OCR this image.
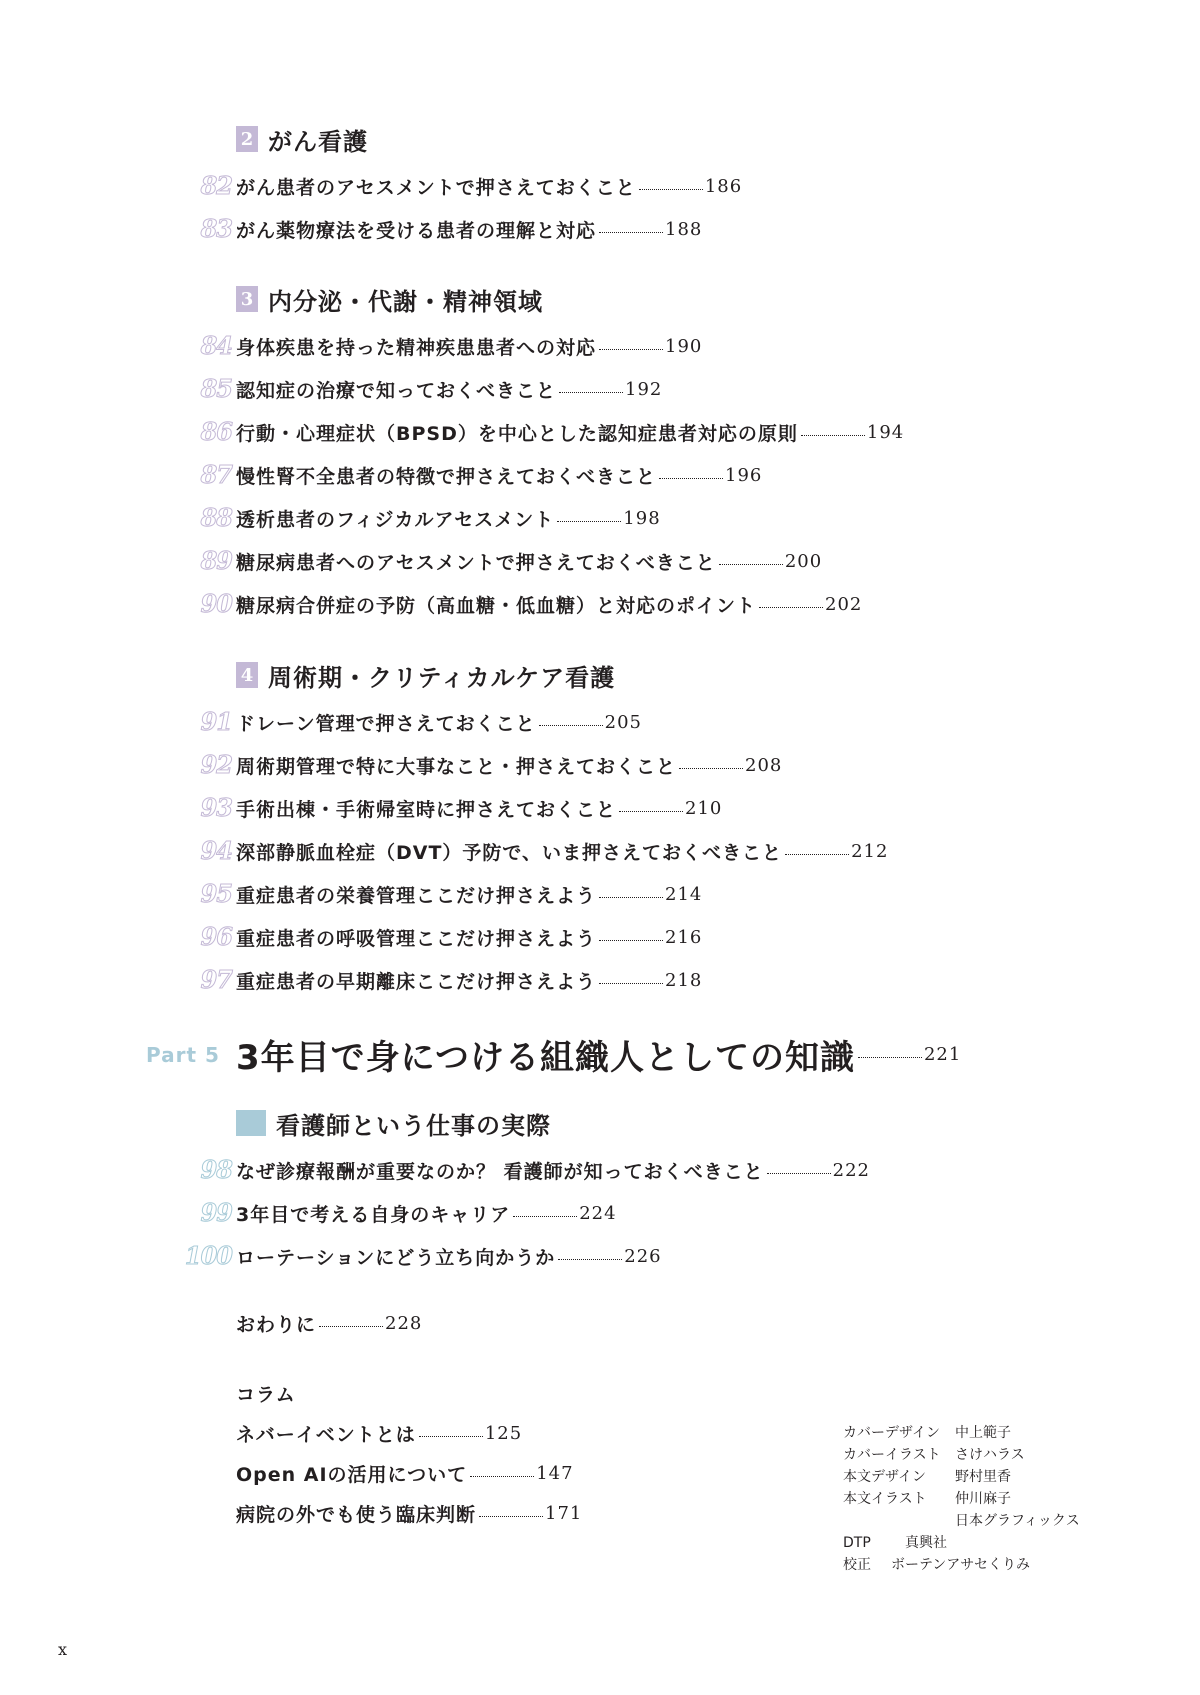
2 がん看護
82 がん患者のアセスメントで押さえておくこと	186
83 がん薬物療法を受ける患者の理解と対応	188
3 内分泌・代謝・精神領域
84 身体疾患を持った精神疾患患者への対応	190
85 認知症の治療で知っておくべきこと	192
86 行動・心理症状（BPSD）を中心とした認知症患者対応の原則	194
87 慢性腎不全患者の特徴で押さえておくべきこと	196
88 透析患者のフィジカルアセスメント	198
89 糖尿病患者へのアセスメントで押さえておくべきこと	200
90 糖尿病合併症の予防（高血糖・低血糖）と対応のポイント	202
4 周術期・クリティカルケア看護
91 ドレーン管理で押さえておくこと	205
92 周術期管理で特に大事なこと・押さえておくこと	208
93 手術出棟・手術帰室時に押さえておくこと	210
94 深部静脈血栓症（DVT）予防で、いま押さえておくべきこと	212
95 重症患者の栄養管理ここだけ押さえよう	214
96 重症患者の呼吸管理ここだけ押さえよう	216
97 重症患者の早期離床ここだけ押さえよう	218
Part 5 3年目で身につける組織人としての知識	221
看護師という仕事の実際
98 なぜ診療報酬が重要なのか？ 看護師が知っておくべきこと	222
99 3年目で考える自身のキャリア	224
100 ローテーションにどう立ち向かうか	226
おわりに	228
コラム
ネバーイベントとは	125
Open AIの活用について	147
病院の外でも使う臨床判断	171
カバーデザイン	中上範子
カバーイラスト	さけハラス
本文デザイン	野村里香
本文イラスト	仲川麻子
日本グラフィックス
DTP	真興社
校正	ボーテンアサセくりみ
x
